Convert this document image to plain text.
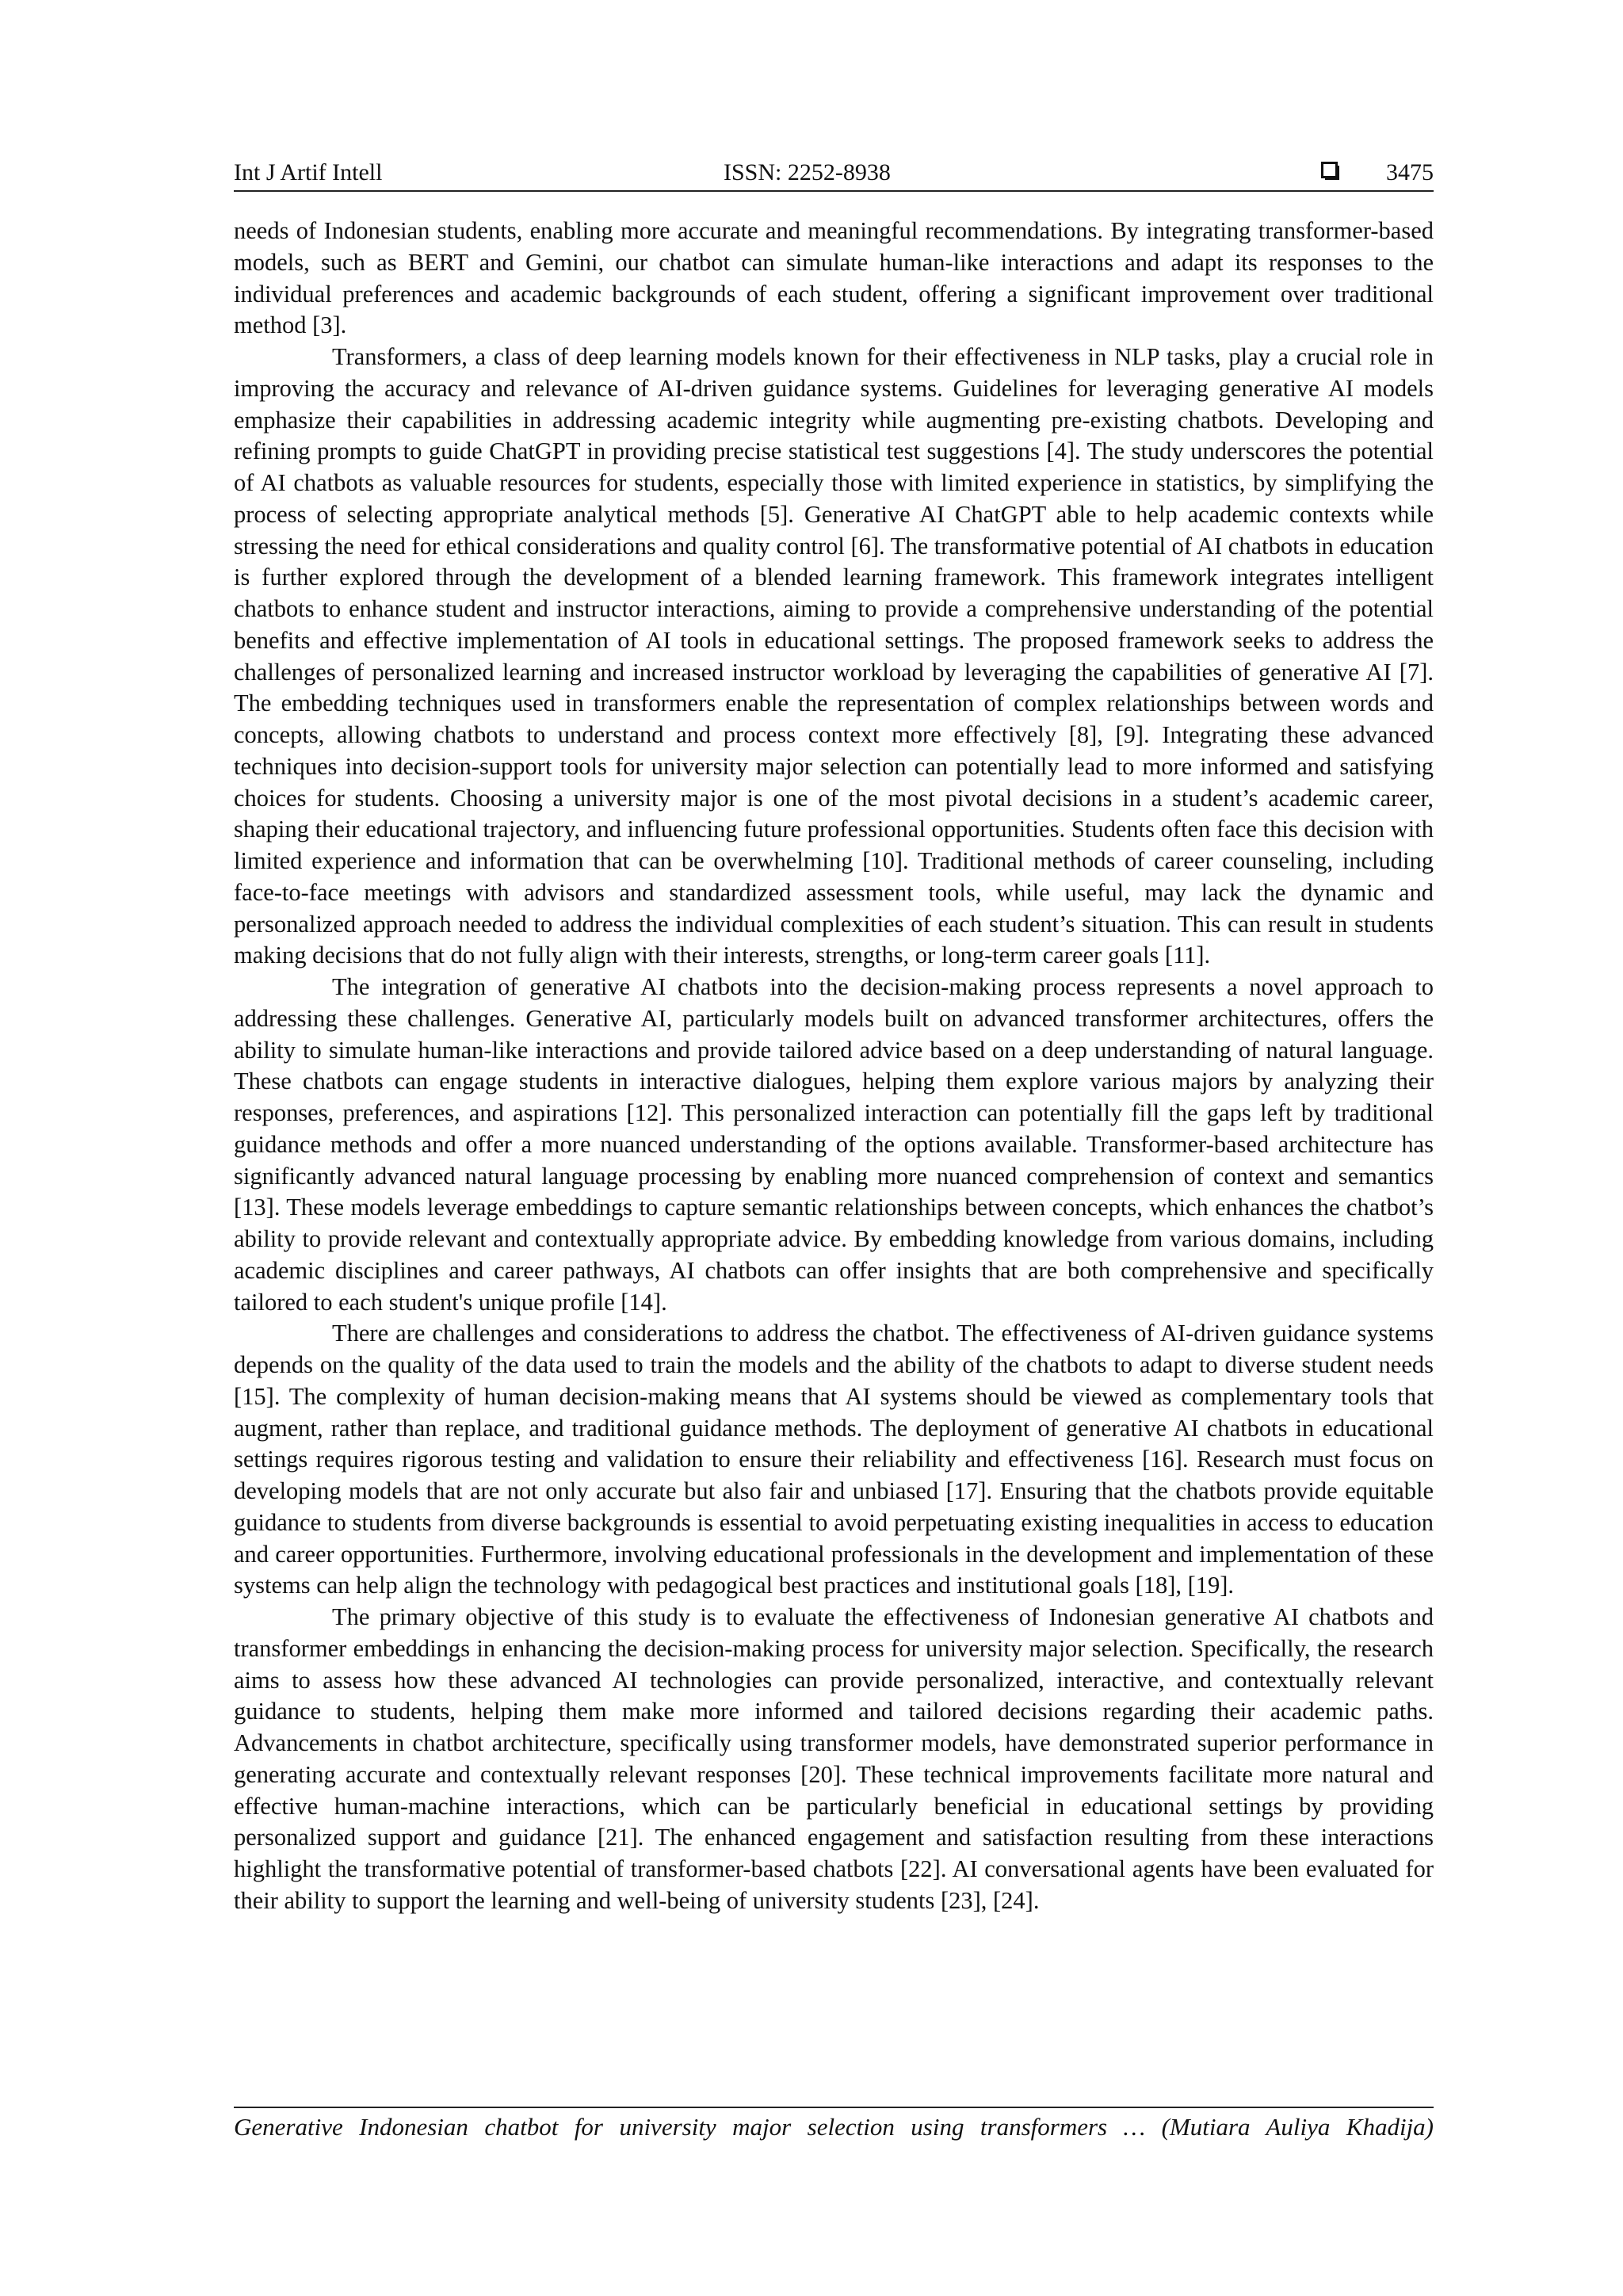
Int J Artif Intell	ISSN: 2252-8938	3475

needs of Indonesian students, enabling more accurate and meaningful recommendations. By integrating transformer-based models, such as BERT and Gemini, our chatbot can simulate human-like interactions and adapt its responses to the individual preferences and academic backgrounds of each student, offering a significant improvement over traditional method [3].

Transformers, a class of deep learning models known for their effectiveness in NLP tasks, play a crucial role in improving the accuracy and relevance of AI-driven guidance systems. Guidelines for leveraging generative AI models emphasize their capabilities in addressing academic integrity while augmenting pre-existing chatbots. Developing and refining prompts to guide ChatGPT in providing precise statistical test suggestions [4]. The study underscores the potential of AI chatbots as valuable resources for students, especially those with limited experience in statistics, by simplifying the process of selecting appropriate analytical methods [5]. Generative AI ChatGPT able to help academic contexts while stressing the need for ethical considerations and quality control [6]. The transformative potential of AI chatbots in education is further explored through the development of a blended learning framework. This framework integrates intelligent chatbots to enhance student and instructor interactions, aiming to provide a comprehensive understanding of the potential benefits and effective implementation of AI tools in educational settings. The proposed framework seeks to address the challenges of personalized learning and increased instructor workload by leveraging the capabilities of generative AI [7]. The embedding techniques used in transformers enable the representation of complex relationships between words and concepts, allowing chatbots to understand and process context more effectively [8], [9]. Integrating these advanced techniques into decision-support tools for university major selection can potentially lead to more informed and satisfying choices for students. Choosing a university major is one of the most pivotal decisions in a student’s academic career, shaping their educational trajectory, and influencing future professional opportunities. Students often face this decision with limited experience and information that can be overwhelming [10]. Traditional methods of career counseling, including face-to-face meetings with advisors and standardized assessment tools, while useful, may lack the dynamic and personalized approach needed to address the individual complexities of each student’s situation. This can result in students making decisions that do not fully align with their interests, strengths, or long-term career goals [11].

The integration of generative AI chatbots into the decision-making process represents a novel approach to addressing these challenges. Generative AI, particularly models built on advanced transformer architectures, offers the ability to simulate human-like interactions and provide tailored advice based on a deep understanding of natural language. These chatbots can engage students in interactive dialogues, helping them explore various majors by analyzing their responses, preferences, and aspirations [12]. This personalized interaction can potentially fill the gaps left by traditional guidance methods and offer a more nuanced understanding of the options available. Transformer-based architecture has significantly advanced natural language processing by enabling more nuanced comprehension of context and semantics [13]. These models leverage embeddings to capture semantic relationships between concepts, which enhances the chatbot’s ability to provide relevant and contextually appropriate advice. By embedding knowledge from various domains, including academic disciplines and career pathways, AI chatbots can offer insights that are both comprehensive and specifically tailored to each student's unique profile [14].

There are challenges and considerations to address the chatbot. The effectiveness of AI-driven guidance systems depends on the quality of the data used to train the models and the ability of the chatbots to adapt to diverse student needs [15]. The complexity of human decision-making means that AI systems should be viewed as complementary tools that augment, rather than replace, and traditional guidance methods. The deployment of generative AI chatbots in educational settings requires rigorous testing and validation to ensure their reliability and effectiveness [16]. Research must focus on developing models that are not only accurate but also fair and unbiased [17]. Ensuring that the chatbots provide equitable guidance to students from diverse backgrounds is essential to avoid perpetuating existing inequalities in access to education and career opportunities. Furthermore, involving educational professionals in the development and implementation of these systems can help align the technology with pedagogical best practices and institutional goals [18], [19].

The primary objective of this study is to evaluate the effectiveness of Indonesian generative AI chatbots and transformer embeddings in enhancing the decision-making process for university major selection. Specifically, the research aims to assess how these advanced AI technologies can provide personalized, interactive, and contextually relevant guidance to students, helping them make more informed and tailored decisions regarding their academic paths. Advancements in chatbot architecture, specifically using transformer models, have demonstrated superior performance in generating accurate and contextually relevant responses [20]. These technical improvements facilitate more natural and effective human-machine interactions, which can be particularly beneficial in educational settings by providing personalized support and guidance [21]. The enhanced engagement and satisfaction resulting from these interactions highlight the transformative potential of transformer-based chatbots [22]. AI conversational agents have been evaluated for their ability to support the learning and well-being of university students [23], [24].

Generative Indonesian chatbot for university major selection using transformers … (Mutiara Auliya Khadija)
